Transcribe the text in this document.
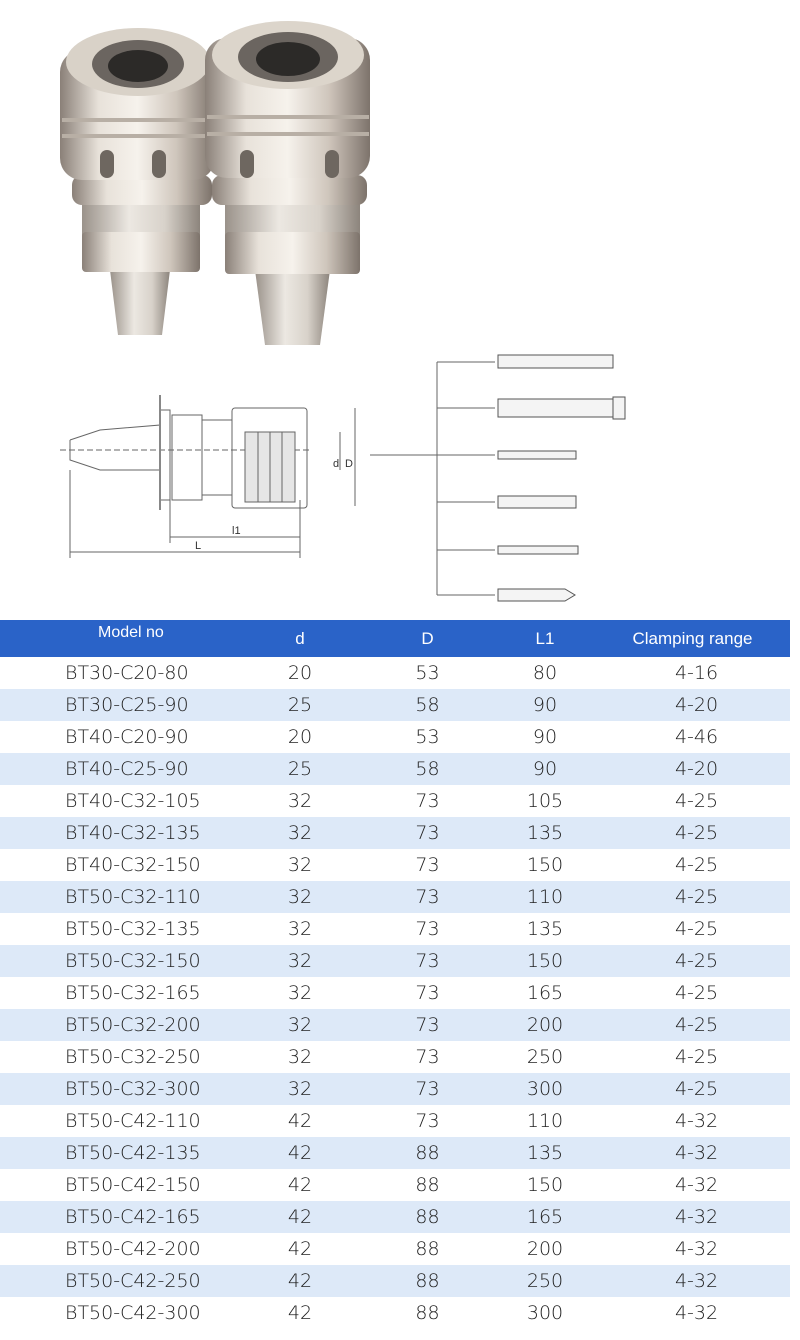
d D
l1
L
Model no	d	D	L1	Clamping range
BT30-C20-80	20	53	80	4-16
BT30-C25-90	25	58	90	4-20
BT40-C20-90	20	53	90	4-46
BT40-C25-90	25	58	90	4-20
BT40-C32-105	32	73	105	4-25
BT40-C32-135	32	73	135	4-25
BT40-C32-150	32	73	150	4-25
BT50-C32-110	32	73	110	4-25
BT50-C32-135	32	73	135	4-25
BT50-C32-150	32	73	150	4-25
BT50-C32-165	32	73	165	4-25
BT50-C32-200	32	73	200	4-25
BT50-C32-250	32	73	250	4-25
BT50-C32-300	32	73	300	4-25
BT50-C42-110	42	73	110	4-32
BT50-C42-135	42	88	135	4-32
BT50-C42-150	42	88	150	4-32
BT50-C42-165	42	88	165	4-32
BT50-C42-200	42	88	200	4-32
BT50-C42-250	42	88	250	4-32
BT50-C42-300	42	88	300	4-32
